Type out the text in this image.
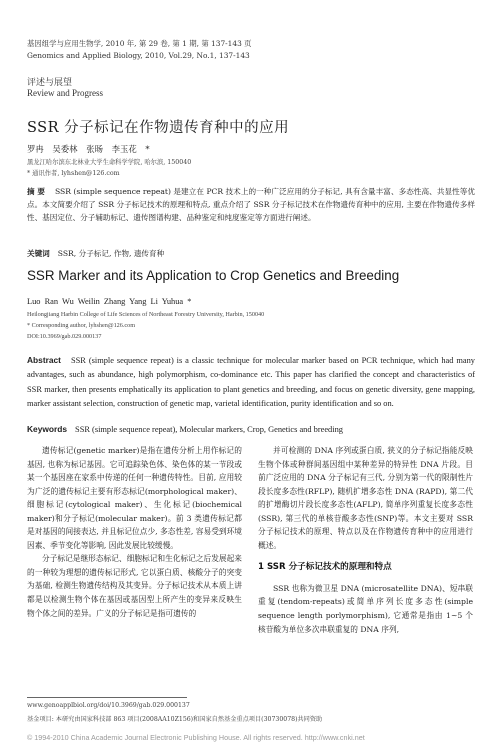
基因组学与应用生物学, 2010 年, 第 29 卷, 第 1 期, 第 137-143 页
Genomics and Applied Biology, 2010, Vol.29, No.1, 137-143
评述与展望
Review and Progress
SSR 分子标记在作物遗传育种中的应用
罗冉 吴委林 张旸 李玉花 *
黑龙江哈尔滨东北林业大学生命科学学院, 哈尔滨, 150040
* 通讯作者, lyhshen@126.com
摘 要 SSR (simple sequence repeat) 是建立在 PCR 技术上的一种广泛应用的分子标记, 具有含量丰富、多态性高、共显性等优点。本文简要介绍了 SSR 分子标记技术的原理和特点, 重点介绍了 SSR 分子标记技术在作物遗传育种中的应用, 主要在作物遗传多样性、基因定位、分子辅助标记、遗传图谱构建、品种鉴定和纯度鉴定等方面进行阐述。
关键词 SSR, 分子标记, 作物, 遗传育种
SSR Marker and its Application to Crop Genetics and Breeding
Luo Ran Wu Weilin Zhang Yang Li Yuhua *
Heilongjiang Harbin College of Life Sciences of Northeast Forestry University, Harbin, 150040
* Corresponding author, lyhshen@126.com
DOI:10.3969/gab.029.000137
Abstract SSR (simple sequence repeat) is a classic technique for molecular marker based on PCR technique, which had many advantages, such as abundance, high polymorphism, co-dominance etc. This paper has clarified the concept and characteristics of SSR marker, then presents emphatically its application to plant genetics and breeding, and focus on genetic diversity, gene mapping, marker assistant selection, construction of genetic map, varietal identification, purity identification and so on.
Keywords SSR (simple sequence repeat), Molecular markers, Crop, Genetics and breeding

遗传标记(genetic marker)是指在遗传分析上用作标记的基因, 也称为标记基因。它可追踪染色体、染色体的某一节段或某一个基因座在家系中传递的任何一种遗传特性。目前, 应用较为广泛的遗传标记主要有形态标记(morphological maker)、细胞标记(cytological maker)、生化标记(biochemical maker)和分子标记(molecular maker)。前 3 类遗传标记都是对基因的间接表达, 并且标记位点少, 多态性差, 容易受到环境因素、季节变化等影响, 因此发展比较缓慢。

分子标记是继形态标记、细胞标记和生化标记之后发展起来的一种较为理想的遗传标记形式, 它以蛋白质、核酸分子的突变为基础, 检测生物遗传结构及其变异。分子标记技术从本质上讲都是以检测生物个体在基因或基因型上所产生的变异来反映生物个体之间的差异。广义的分子标记是指可遗传的

并可检测的 DNA 序列或蛋白质, 狭义的分子标记指能反映生物个体或种群间基因组中某种差异的特异性 DNA 片段。目前广泛应用的 DNA 分子标记有三代, 分别为第一代的限制性片段长度多态性(RFLP), 随机扩增多态性 DNA (RAPD), 第二代的扩增酶切片段长度多态性(AFLP), 简单序列重复长度多态性(SSR), 第三代的单核苷酸多态性(SNP)等。本文主要对 SSR 分子标记技术的原理、特点以及在作物遗传育种中的应用进行概述。

1 SSR 分子标记技术的原理和特点

SSR 也称为微卫星 DNA (microsatellite DNA)、短串联重复(tendom-repeats)或简单序列长度多态性(simple sequence length porlymorphism), 它通常是指由 1~5 个核苷酸为单位多次串联重复的 DNA 序列,

www.genoapplbiol.org/doi/10.3969/gab.029.000137
基金项目: 本研究由国家科技部 863 项目(2008AA10Z156)和国家自然基金重点项目(30730078)共同资助
© 1994-2010 China Academic Journal Electronic Publishing House. All rights reserved. http://www.cnki.net
